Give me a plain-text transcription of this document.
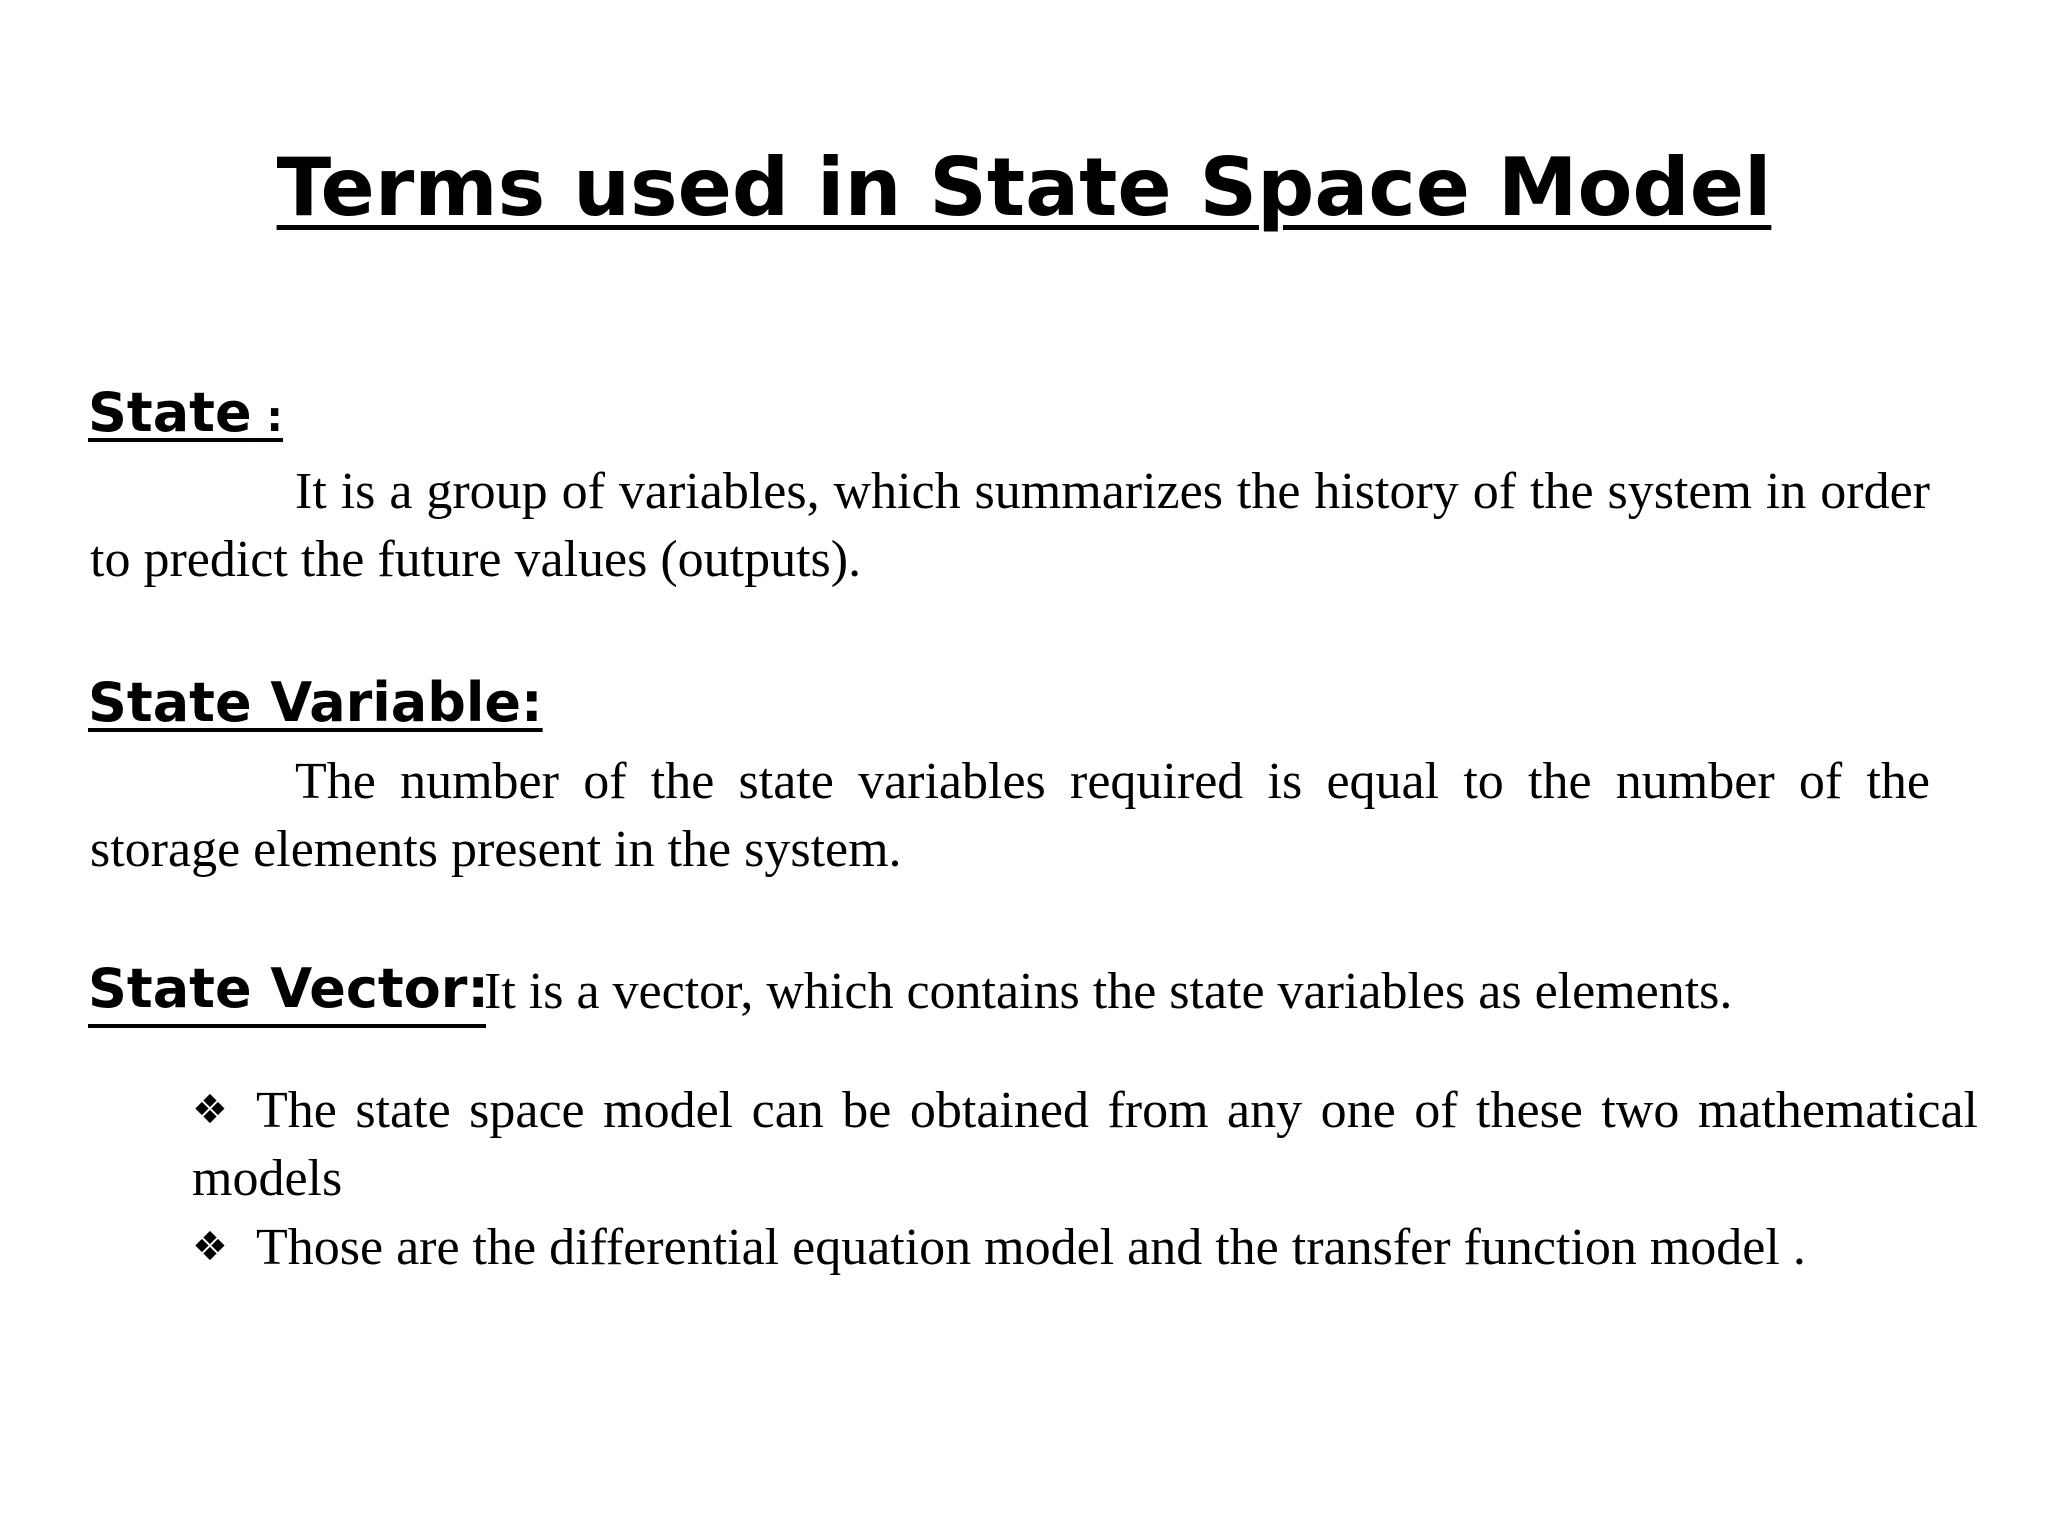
Terms used in State Space Model
State :

It is a group of variables, which summarizes the history of the system in order to predict the future values (outputs).

State Variable:

The number of the state variables required is equal to the number of the storage elements present in the system.

State Vector:

It is a vector, which contains the state variables as elements.

❖ The state space model can be obtained from any one of these two mathematical models
❖ Those are the differential equation model and the transfer function model .
